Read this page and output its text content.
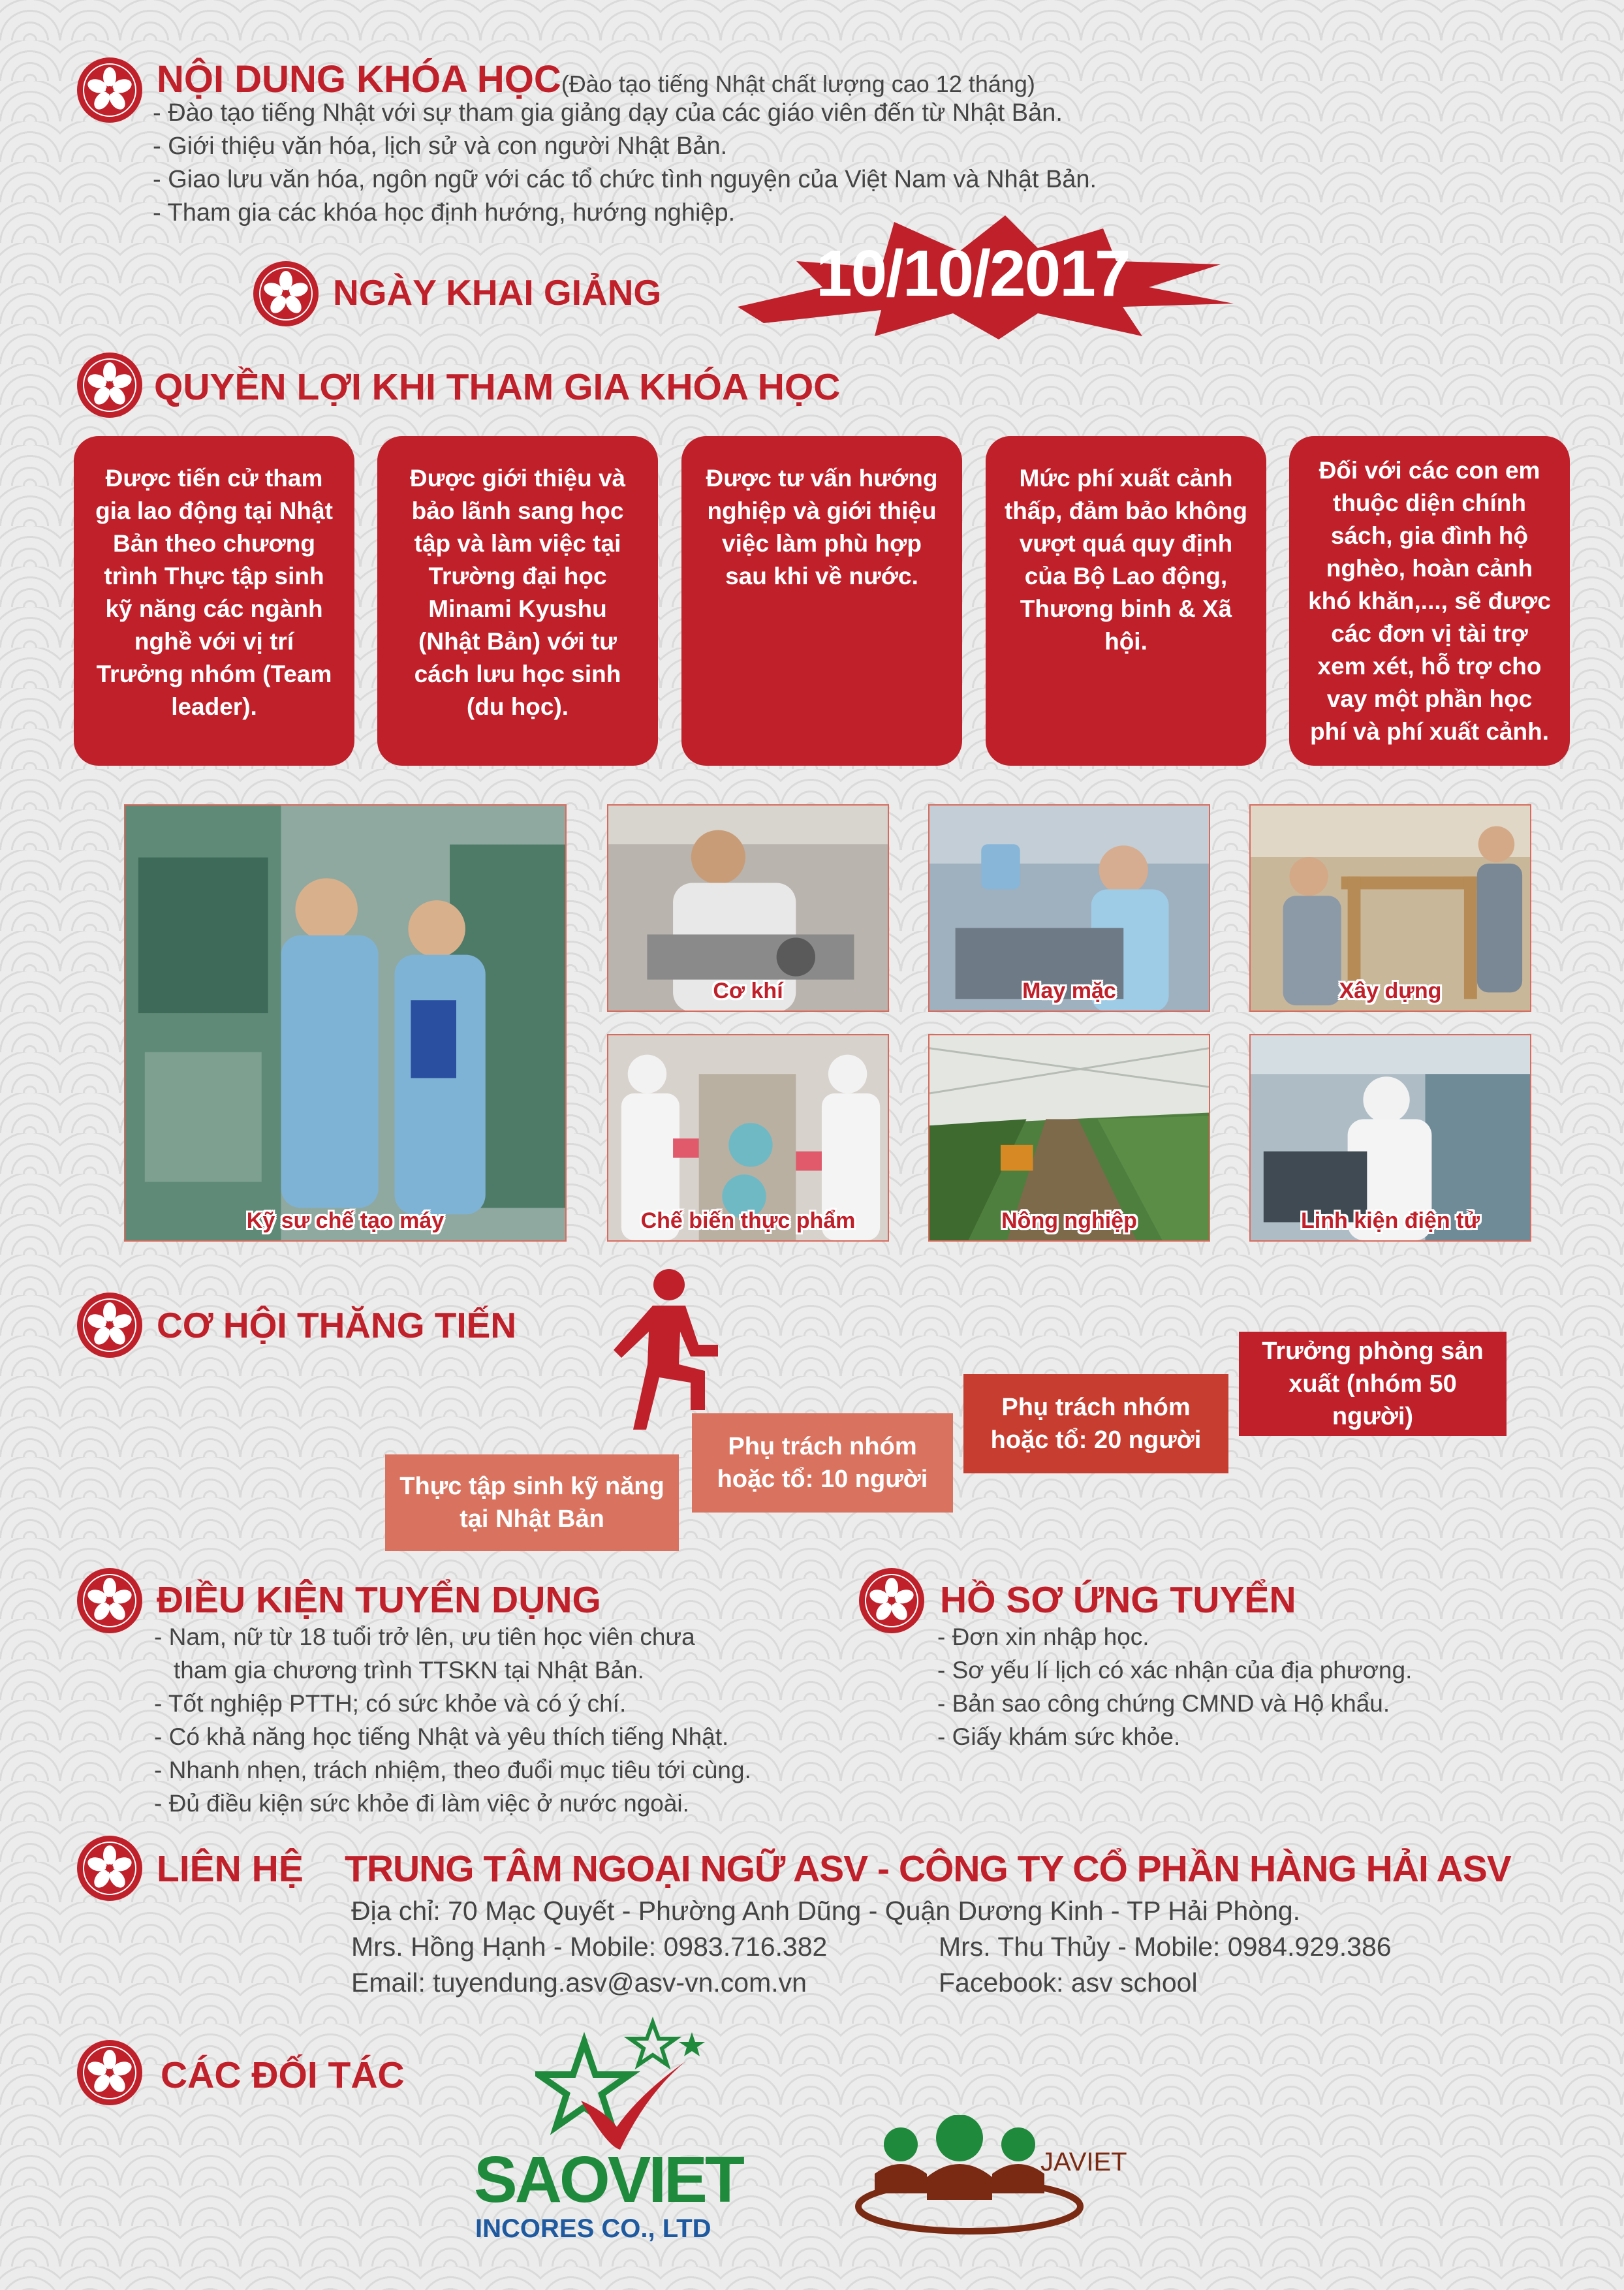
NỘI DUNG KHÓA HỌC(Đào tạo tiếng Nhật chất lượng cao 12 tháng)
- Đào tạo tiếng Nhật với sự tham gia giảng dạy của các giáo viên đến từ Nhật Bản.
- Giới thiệu văn hóa, lịch sử và con người Nhật Bản.
- Giao lưu văn hóa, ngôn ngữ với các tổ chức tình nguyện của Việt Nam và Nhật Bản.
- Tham gia các khóa học định hướng, hướng nghiệp.
NGÀY KHAI GIẢNG 10/10/2017
QUYỀN LỢI KHI THAM GIA KHÓA HỌC
Được tiến cử tham gia lao động tại Nhật Bản theo chương trình Thực tập sinh kỹ năng các ngành nghề với vị trí Trưởng nhóm (Team leader).
Được giới thiệu và bảo lãnh sang học tập và làm việc tại Trường đại học Minami Kyushu (Nhật Bản) với tư cách lưu học sinh (du học).
Được tư vấn hướng nghiệp và giới thiệu việc làm phù hợp sau khi về nước.
Mức phí xuất cảnh thấp, đảm bảo không vượt quá quy định của Bộ Lao động, Thương binh & Xã hội.
Đối với các con em thuộc diện chính sách, gia đình hộ nghèo, hoàn cảnh khó khăn,..., sẽ được các đơn vị tài trợ xem xét, hỗ trợ cho vay một phần học phí và phí xuất cảnh.
Kỹ sư chế tạo máy
Cơ khí	May mặc	Xây dựng
Chế biến thực phẩm	Nông nghiệp	Linh kiện điện tử
CƠ HỘI THĂNG TIẾN
Thực tập sinh kỹ năng tại Nhật Bản
Phụ trách nhóm hoặc tổ: 10 người
Phụ trách nhóm hoặc tổ: 20 người
Trưởng phòng sản xuất (nhóm 50 người)
ĐIỀU KIỆN TUYỂN DỤNG
- Nam, nữ từ 18 tuổi trở lên, ưu tiên học viên chưa
tham gia chương trình TTSKN tại Nhật Bản.
- Tốt nghiệp PTTH; có sức khỏe và có ý chí.
- Có khả năng học tiếng Nhật và yêu thích tiếng Nhật.
- Nhanh nhẹn, trách nhiệm, theo đuổi mục tiêu tới cùng.
- Đủ điều kiện sức khỏe đi làm việc ở nước ngoài.
HỒ SƠ ỨNG TUYỂN
- Đơn xin nhập học.
- Sơ yếu lí lịch có xác nhận của địa phương.
- Bản sao công chứng CMND và Hộ khẩu.
- Giấy khám sức khỏe.
LIÊN HỆ TRUNG TÂM NGOẠI NGỮ ASV - CÔNG TY CỔ PHẦN HÀNG HẢI ASV
Địa chỉ: 70 Mạc Quyết - Phường Anh Dũng - Quận Dương Kinh - TP Hải Phòng.
Mrs. Hồng Hạnh - Mobile: 0983.716.382	Mrs. Thu Thủy - Mobile: 0984.929.386
Email: tuyendung.asv@asv-vn.com.vn	Facebook: asv school
CÁC ĐỐI TÁC
SAOVIET
INCORES CO., LTD
JAVIET
